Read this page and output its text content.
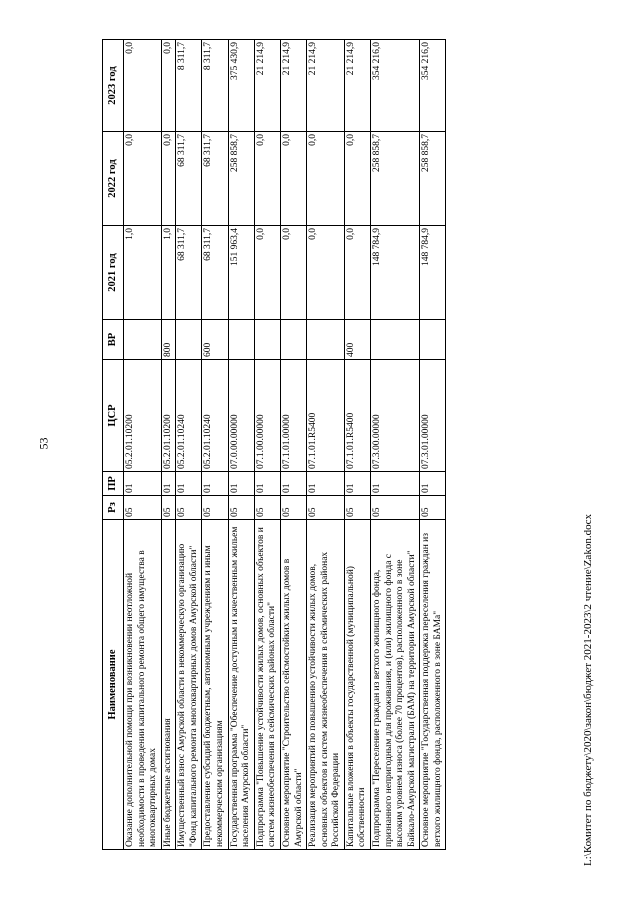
53
Наименование	Рз	ПР	ЦСР	ВР	2021 год	2022 год	2023 год
Оказание дополнительной помощи при возникновении неотложной необходимости в проведении капитального ремонта общего имущества в многоквартирных домах	05	01	05.2.01.10200		1,0	0,0	0,0
Иные бюджетные ассигнования	05	01	05.2.01.10200	800	1,0	0,0	0,0
Имущественный взнос Амурской области в некоммерческую организацию "Фонд капитального ремонта многоквартирных домов Амурской области"	05	01	05.2.01.10240		68 311,7	68 311,7	8 311,7
Предоставление субсидий бюджетным, автономным учреждениям и иным некоммерческим организациям	05	01	05.2.01.10240	600	68 311,7	68 311,7	8 311,7
Государственная программа "Обеспечение доступным и качественным жильем населения Амурской области"	05	01	07.0.00.00000		151 963,4	258 858,7	375 430,9
Подпрограмма "Повышение устойчивости жилых домов, основных объектов и систем жизнеобеспечения в сейсмических районах области"	05	01	07.1.00.00000		0,0	0,0	21 214,9
Основное мероприятие "Строительство сейсмостойких жилых домов в Амурской области"	05	01	07.1.01.00000		0,0	0,0	21 214,9
Реализация мероприятий по повышению устойчивости жилых домов, основных объектов и систем жизнеобеспечения в сейсмических районах Российской Федерации	05	01	07.1.01.R5400		0,0	0,0	21 214,9
Капитальные вложения в объекты государственной (муниципальной) собственности	05	01	07.1.01.R5400	400	0,0	0,0	21 214,9
Подпрограмма "Переселение граждан из ветхого жилищного фонда, признанного непригодным для проживания, и (или) жилищного фонда с высоким уровнем износа (более 70 процентов), расположенного в зоне Байкало-Амурской магистрали (БАМ) на территории Амурской области"	05	01	07.3.00.00000		148 784,9	258 858,7	354 216,0
Основное мероприятие "Государственная поддержка переселения граждан из ветхого жилищного фонда, расположенного в зоне БАМа"	05	01	07.3.01.00000		148 784,9	258 858,7	354 216,0
L:\Комитет по бюджету\2020\закон\бюджет 2021-2023\2 чтение\Zakon.docx
